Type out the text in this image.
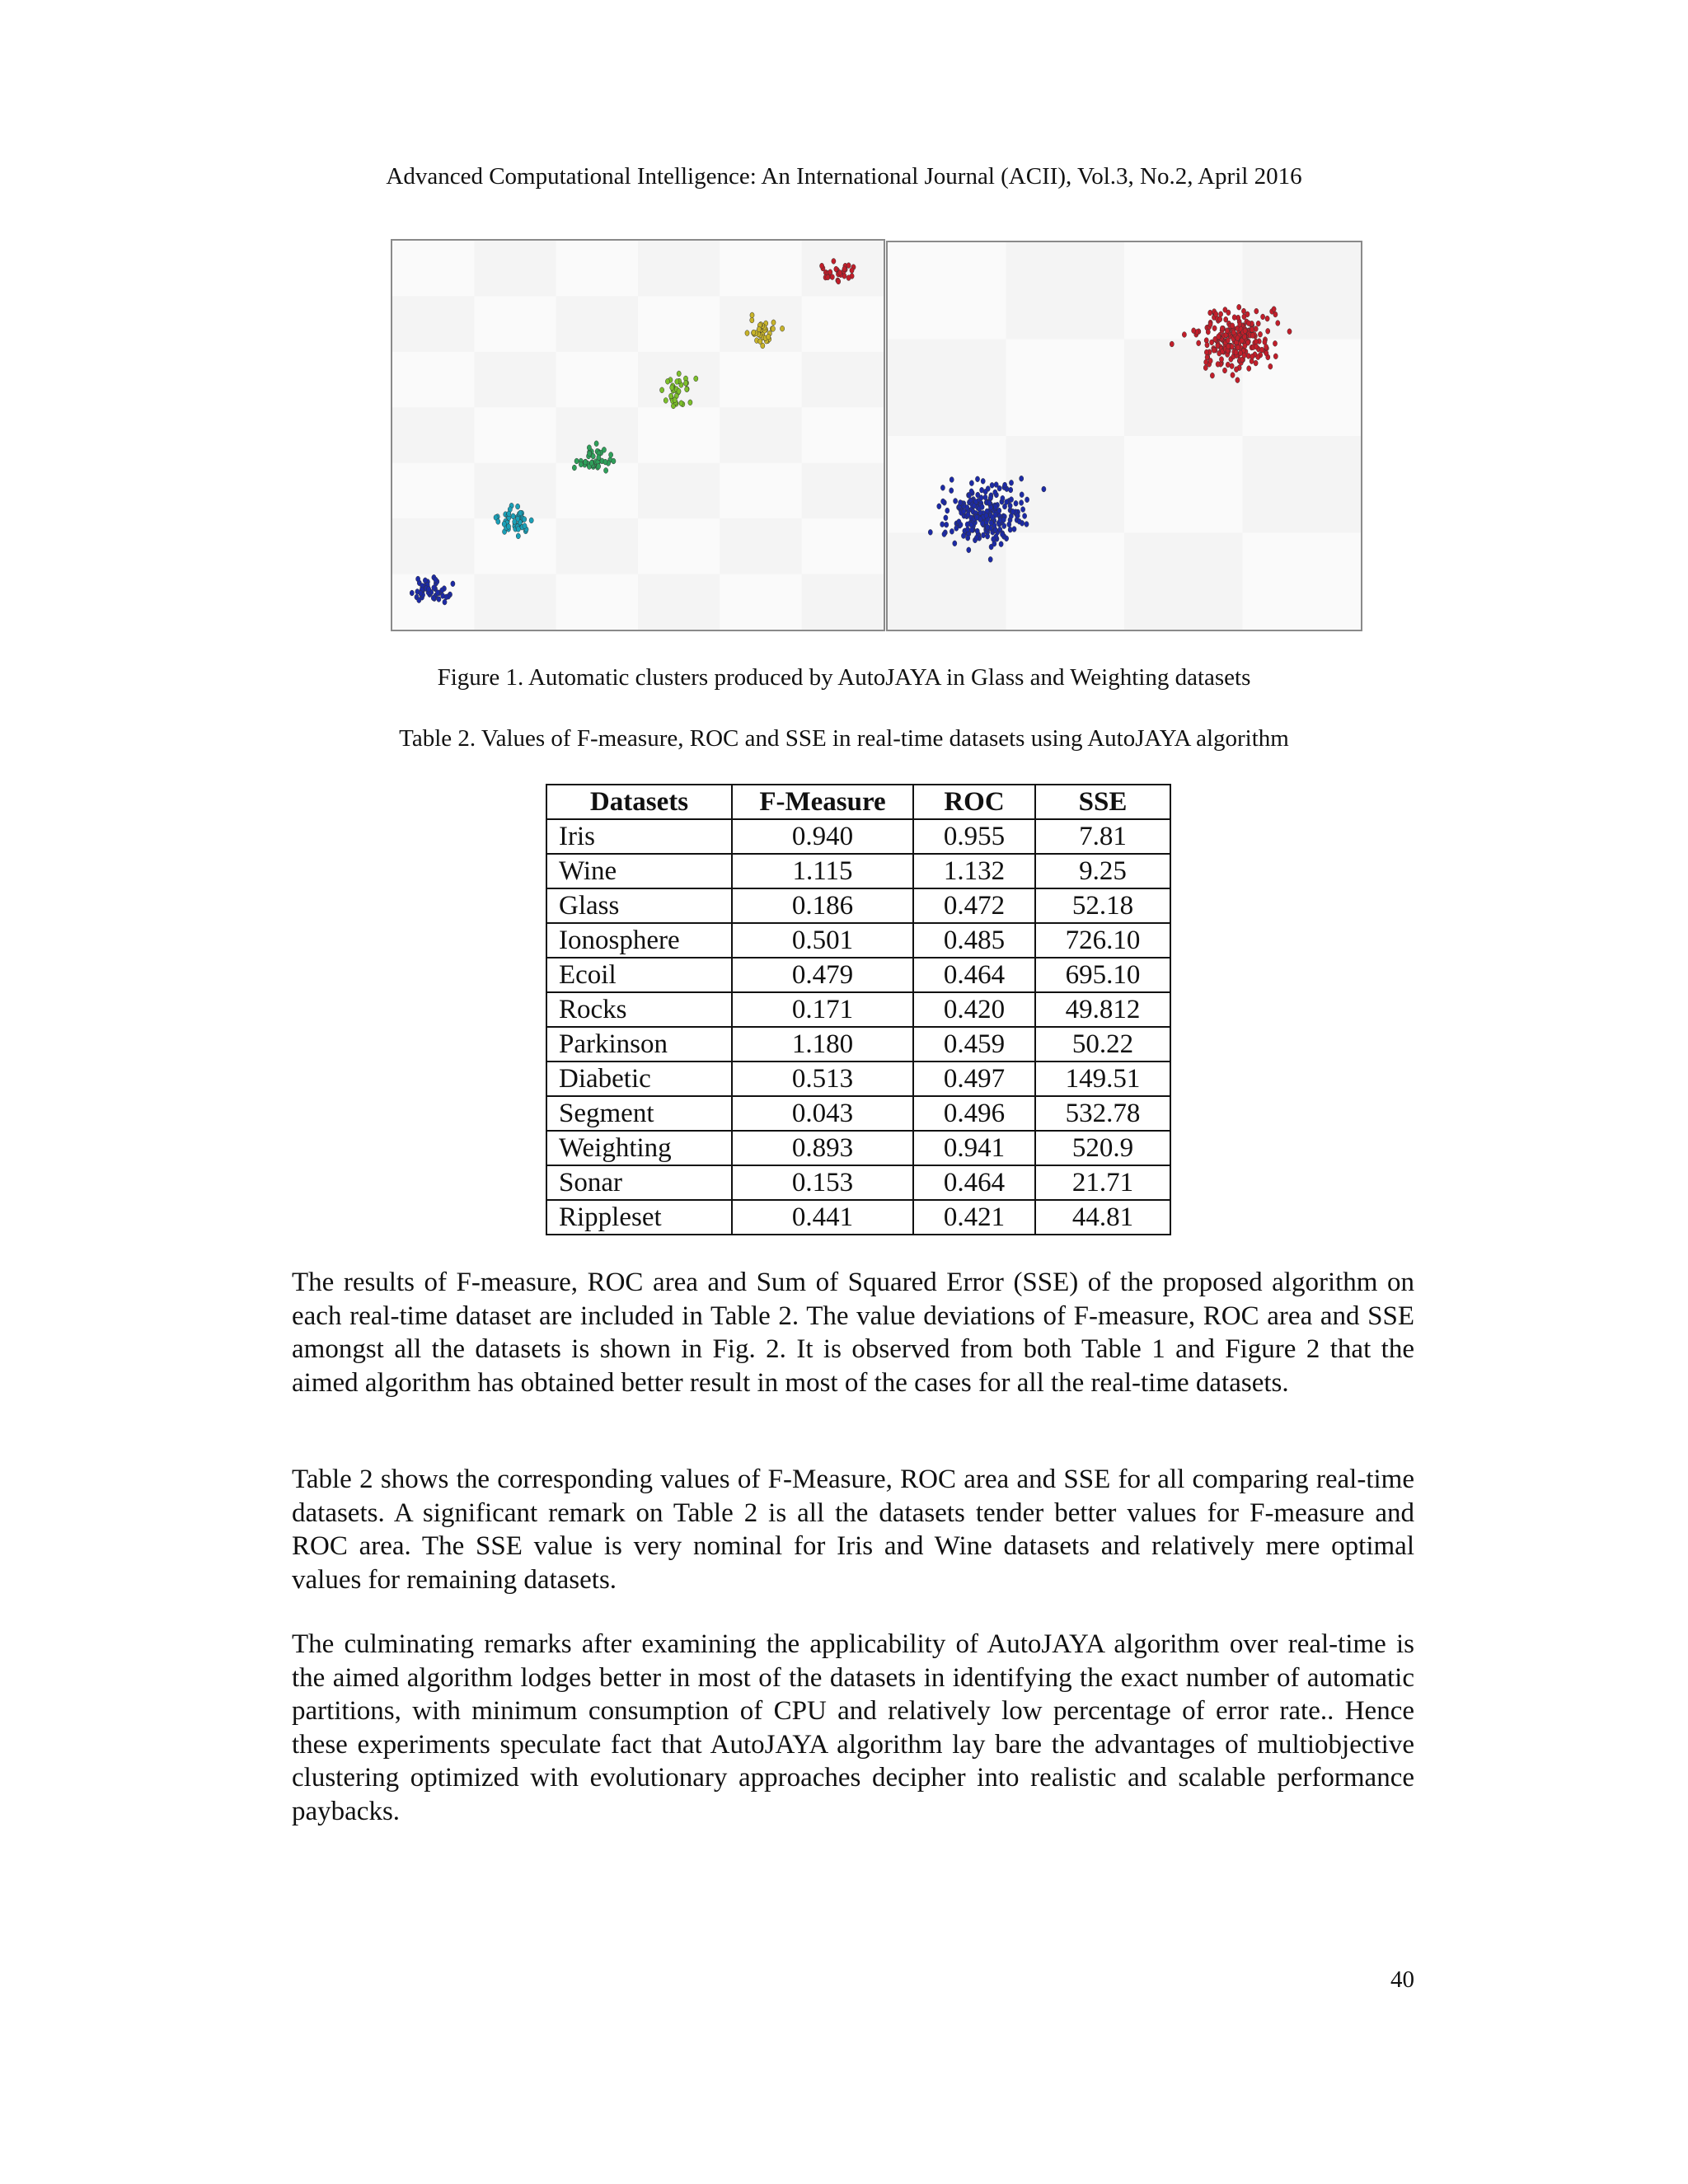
Advanced Computational Intelligence: An International Journal (ACII), Vol.3, No.2, April 2016
Figure 1. Automatic clusters produced by AutoJAYA in Glass and Weighting datasets
Table 2. Values of F-measure, ROC and SSE in real-time datasets using AutoJAYA algorithm
Datasets	F-Measure	ROC	SSE
Iris	0.940	0.955	7.81
Wine	1.115	1.132	9.25
Glass	0.186	0.472	52.18
Ionosphere	0.501	0.485	726.10
Ecoil	0.479	0.464	695.10
Rocks	0.171	0.420	49.812
Parkinson	1.180	0.459	50.22
Diabetic	0.513	0.497	149.51
Segment	0.043	0.496	532.78
Weighting	0.893	0.941	520.9
Sonar	0.153	0.464	21.71
Rippleset	0.441	0.421	44.81
The results of F-measure, ROC area and Sum of Squared Error (SSE) of the proposed algorithm on each real-time dataset are included in Table 2. The value deviations of F-measure, ROC area and SSE amongst all the datasets is shown in Fig. 2. It is observed from both Table 1 and Figure 2 that the aimed algorithm has obtained better result in most of the cases for all the real-time datasets.
Table 2 shows the corresponding values of F-Measure, ROC area and SSE for all comparing real-time datasets. A significant remark on Table 2 is all the datasets tender better values for F-measure and ROC area. The SSE value is very nominal for Iris and Wine datasets and relatively mere optimal values for remaining datasets.
The culminating remarks after examining the applicability of AutoJAYA algorithm over real-time is the aimed algorithm lodges better in most of the datasets in identifying the exact number of automatic partitions, with minimum consumption of CPU and relatively low percentage of error rate.. Hence these experiments speculate fact that AutoJAYA algorithm lay bare the advantages of multiobjective clustering optimized with evolutionary approaches decipher into realistic and scalable performance paybacks.
40
